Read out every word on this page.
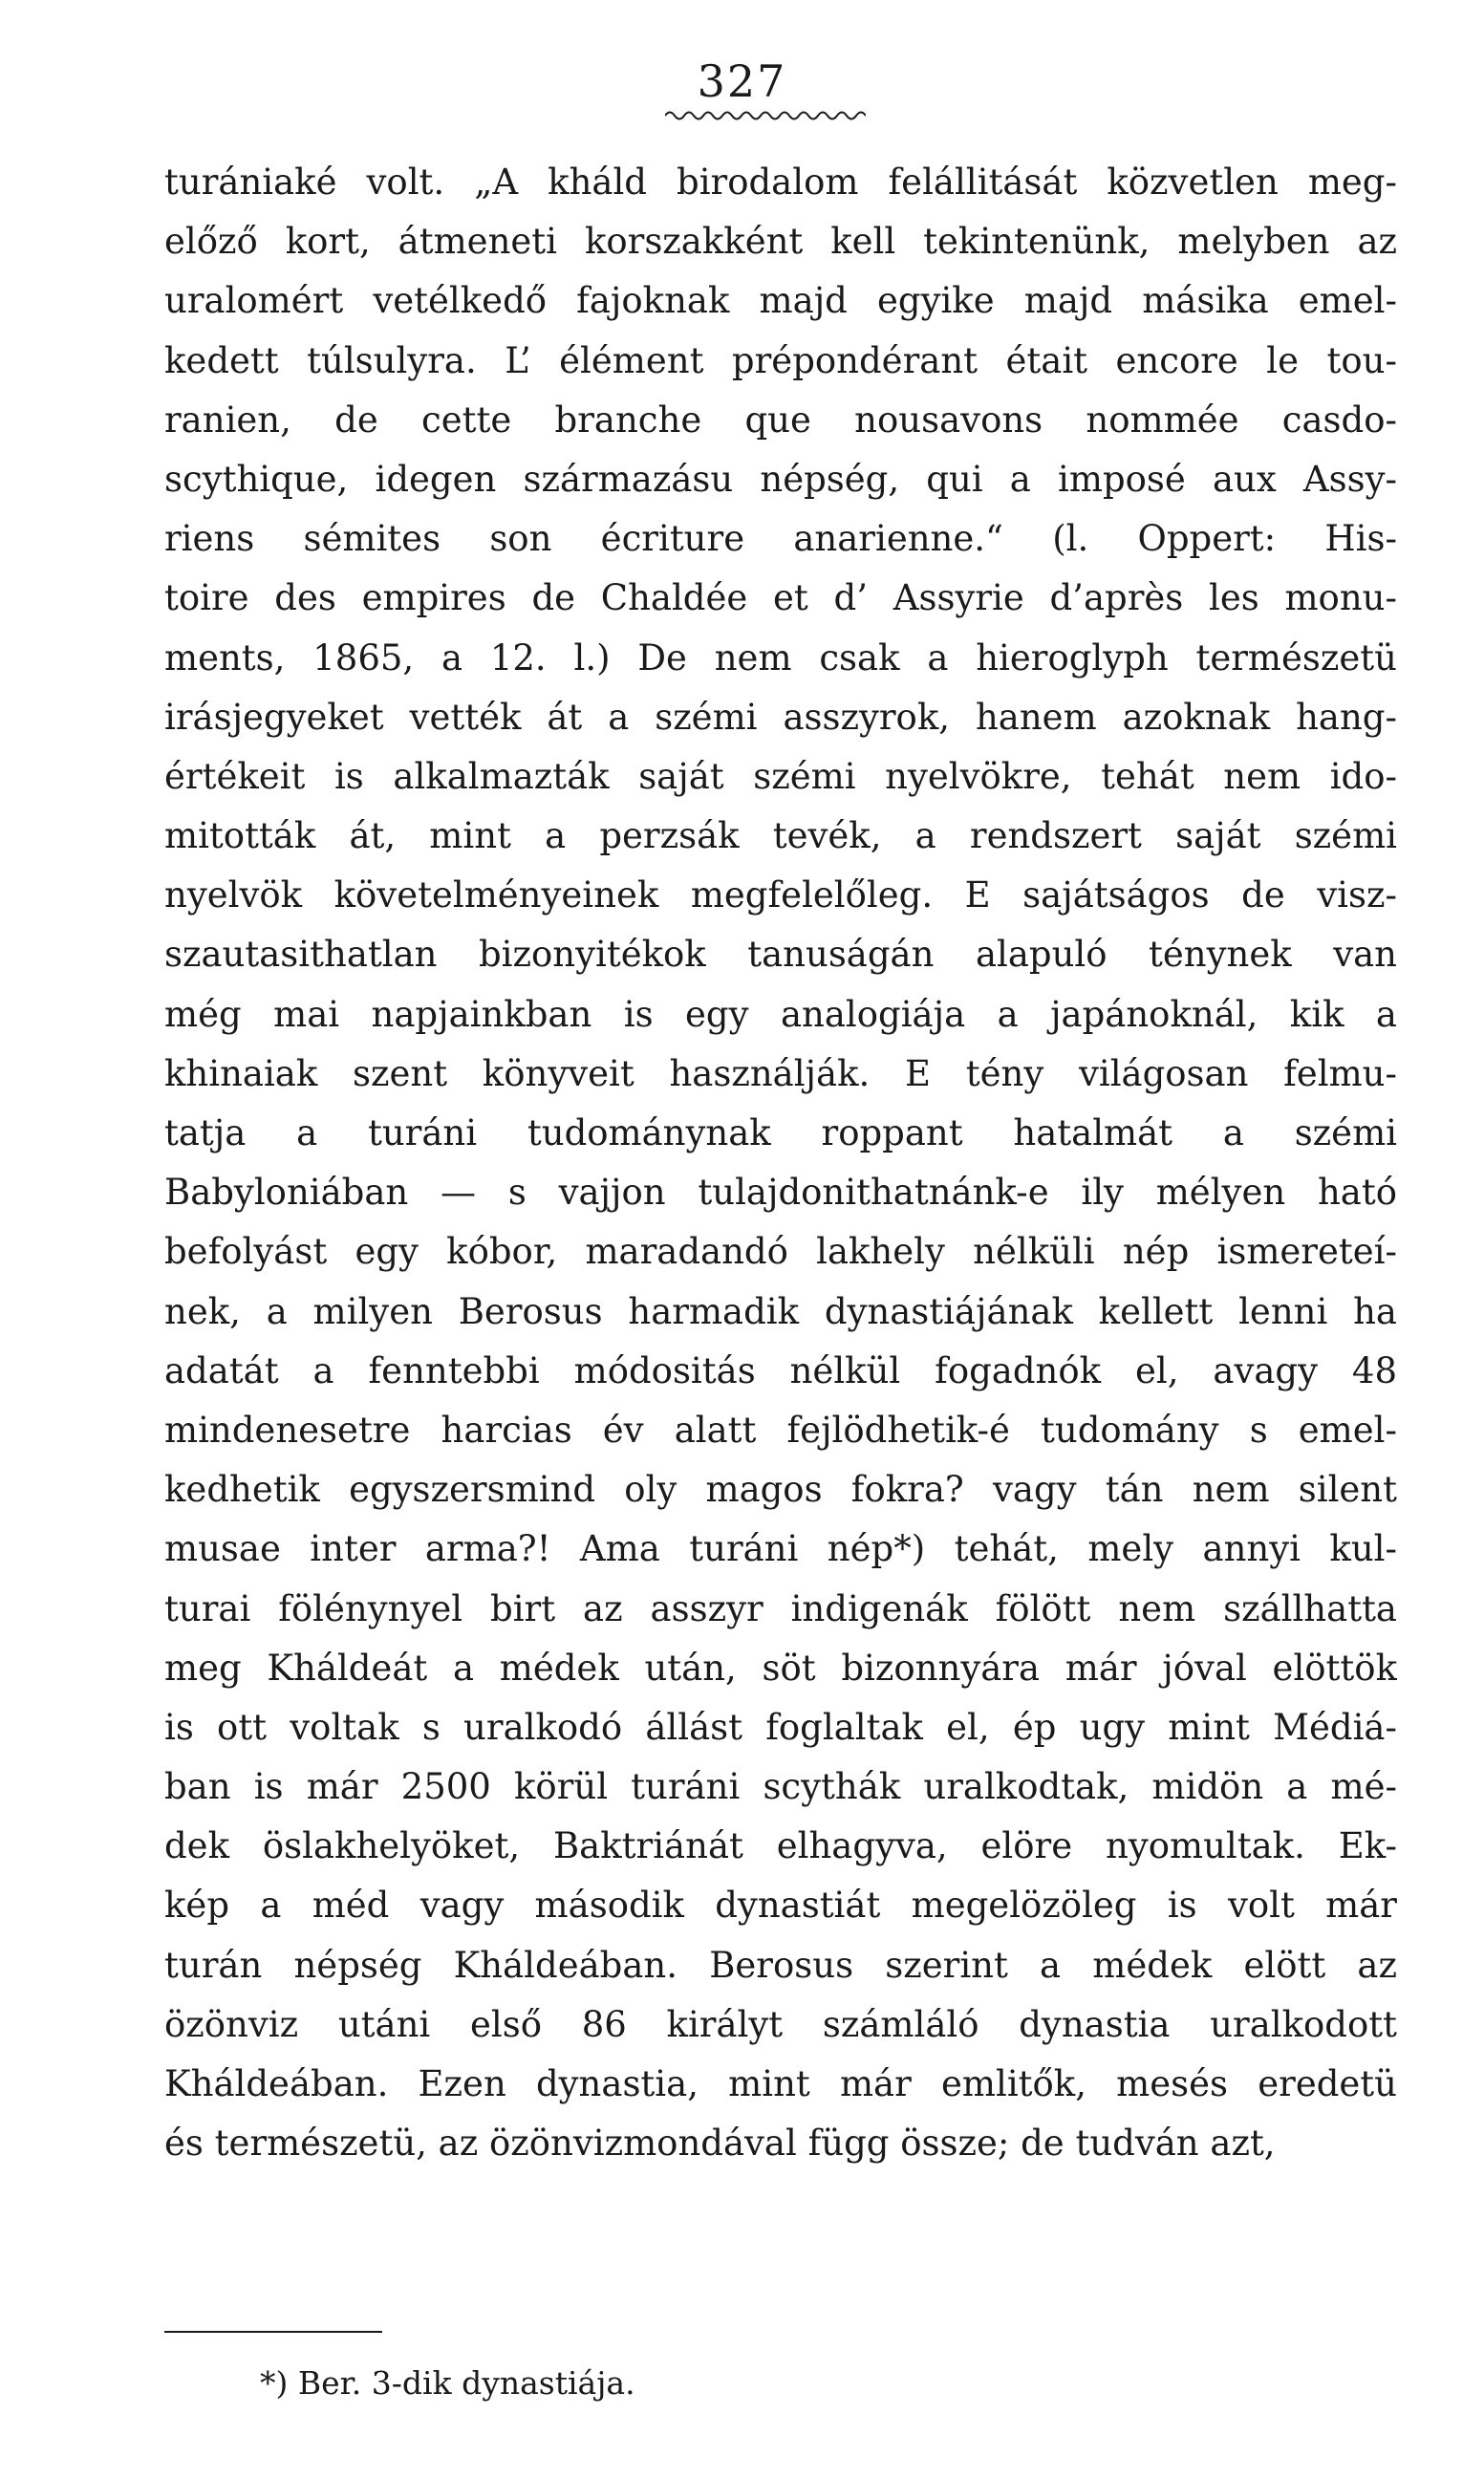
327
turániaké volt. „A kháld birodalom felállitását közvetlen meg-
előző kort, átmeneti korszakként kell tekintenünk, melyben az
uralomért vetélkedő fajoknak majd egyike majd másika emel-
kedett túlsulyra. L’ élément prépondérant était encore le tou-
ranien, de cette branche que nousavons nommée casdo-
scythique, idegen származásu népség, qui a imposé aux Assy-
riens sémites son écriture anarienne.“ (l. Oppert: His-
toire des empires de Chaldée et d’ Assyrie d’après les monu-
ments, 1865, a 12. l.) De nem csak a hieroglyph természetü
irásjegyeket vették át a szémi asszyrok, hanem azoknak hang-
értékeit is alkalmazták saját szémi nyelvökre, tehát nem ido-
mitották át, mint a perzsák tevék, a rendszert saját szémi
nyelvök követelményeinek megfelelőleg. E sajátságos de visz-
szautasithatlan bizonyitékok tanuságán alapuló ténynek van
még mai napjainkban is egy analogiája a japánoknál, kik a
khinaiak szent könyveit használják. E tény világosan felmu-
tatja a turáni tudománynak roppant hatalmát a szémi
Babyloniában — s vajjon tulajdonithatnánk-e ily mélyen ható
befolyást egy kóbor, maradandó lakhely nélküli nép ismereteí-
nek, a milyen Berosus harmadik dynastiájának kellett lenni ha
adatát a fenntebbi módositás nélkül fogadnók el, avagy 48
mindenesetre harcias év alatt fejlödhetik-é tudomány s emel-
kedhetik egyszersmind oly magos fokra? vagy tán nem silent
musae inter arma?! Ama turáni nép*) tehát, mely annyi kul-
turai fölénynyel birt az asszyr indigenák fölött nem szállhatta
meg Kháldeát a médek után, söt bizonnyára már jóval elöttök
is ott voltak s uralkodó állást foglaltak el, ép ugy mint Médiá-
ban is már 2500 körül turáni scythák uralkodtak, midön a mé-
dek öslakhelyöket, Baktriánát elhagyva, elöre nyomultak. Ek-
kép a méd vagy második dynastiát megelözöleg is volt már
turán népség Kháldeában. Berosus szerint a médek elött az
özönviz utáni első 86 királyt számláló dynastia uralkodott
Kháldeában. Ezen dynastia, mint már emlitők, mesés eredetü
és természetü, az özönvizmondával függ össze; de tudván azt,
*) Ber. 3-dik dynastiája.
